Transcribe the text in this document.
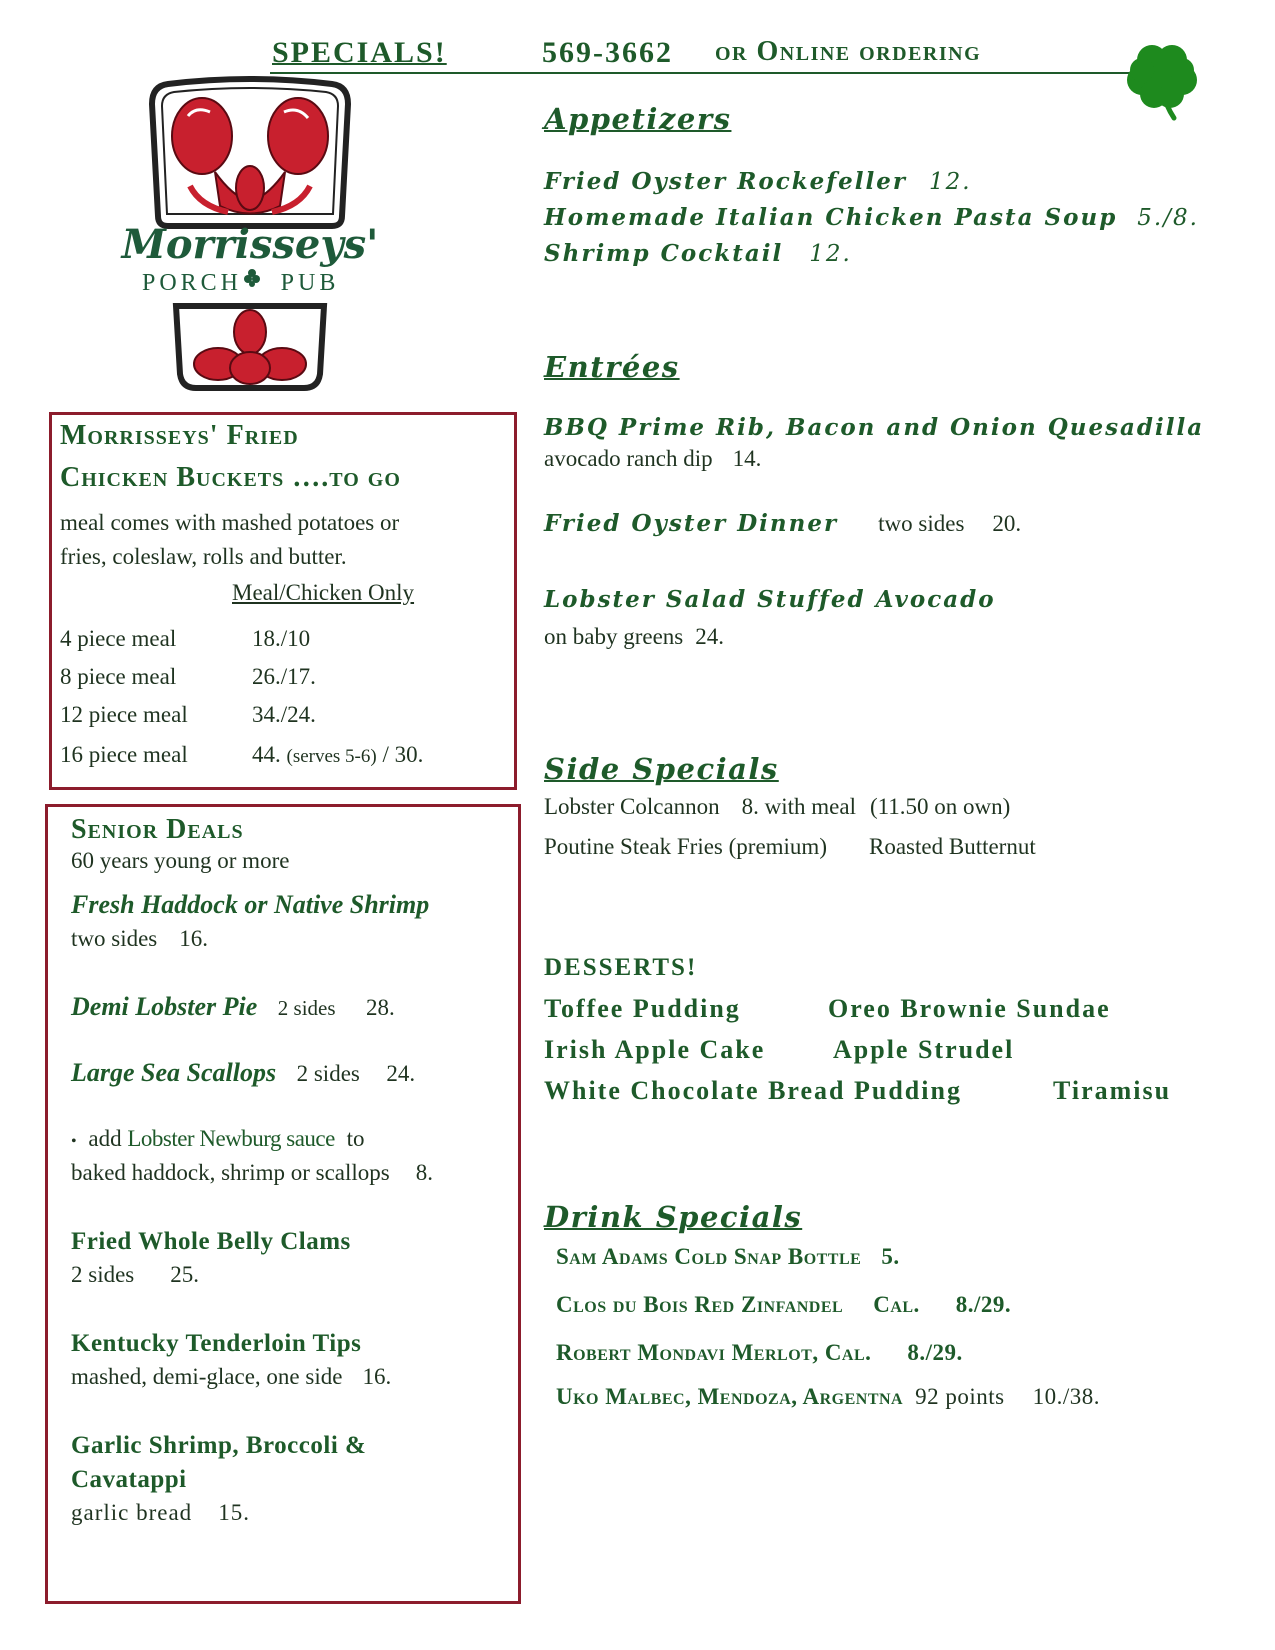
SPECIALS!	569-3662 or Online ordering
Morrisseys'
PORCH PUB
Morrisseys' Fried
Chicken Buckets ….to go
meal comes with mashed potatoes or
fries, coleslaw, rolls and butter.
Meal/Chicken Only
4 piece meal	18./10
8 piece meal	26./17.
12 piece meal	34./24.
16 piece meal	44. (serves 5-6) / 30.
Senior Deals
60 years young or more
Fresh Haddock or Native Shrimp
two sides 16.
Demi Lobster Pie 2 sides 28.
Large Sea Scallops 2 sides 24.
• add Lobster Newburg sauce to
baked haddock, shrimp or scallops 8.
Fried Whole Belly Clams
2 sides 25.
Kentucky Tenderloin Tips
mashed, demi-glace, one side 16.
Garlic Shrimp, Broccoli &
Cavatappi
garlic bread 15.
Appetizers
Fried Oyster Rockefeller 12.
Homemade Italian Chicken Pasta Soup 5./8.
Shrimp Cocktail 12.
Entrées
BBQ Prime Rib, Bacon and Onion Quesadilla
avocado ranch dip 14.
Fried Oyster Dinner two sides 20.
Lobster Salad Stuffed Avocado
on baby greens 24.
Side Specials
Lobster Colcannon 8. with meal (11.50 on own)
Poutine Steak Fries (premium) Roasted Butternut
DESSERTS!
Toffee Pudding	Oreo Brownie Sundae
Irish Apple Cake	Apple Strudel
White Chocolate Bread Pudding	Tiramisu
Drink Specials
Sam Adams Cold Snap Bottle 5.
Clos du Bois Red Zinfandel Cal. 8./29.
Robert Mondavi Merlot, Cal. 8./29.
Uko Malbec, Mendoza, Argentna 92 points 10./38.
